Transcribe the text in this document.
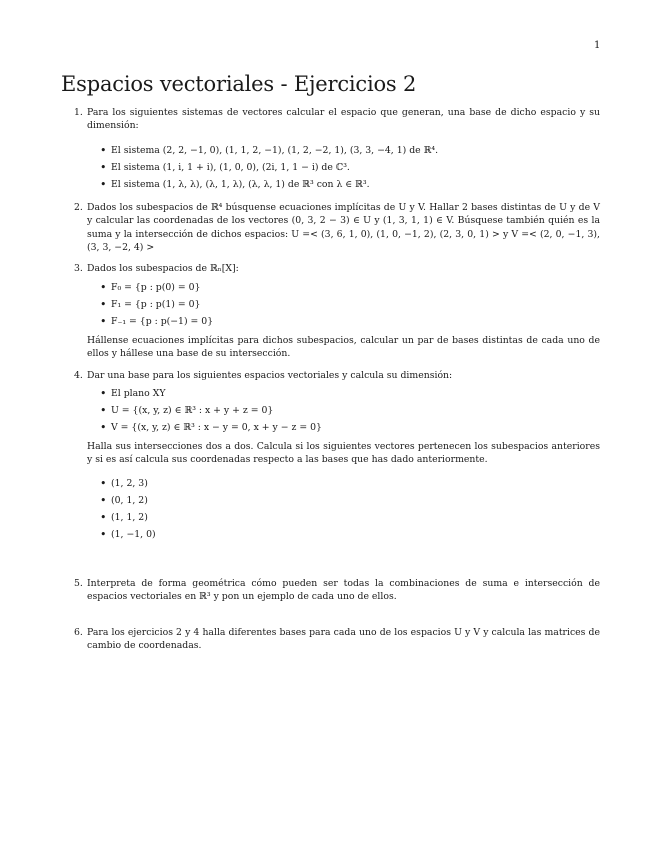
1
Espacios vectoriales - Ejercicios 2
1. Para los siguientes sistemas de vectores calcular el espacio que generan, una base de dicho espacio y su dimensión:

• El sistema (2, 2, −1, 0), (1, 1, 2, −1), (1, 2, −2, 1), (3, 3, −4, 1) de ℝ⁴.
• El sistema (1, i, 1 + i), (1, 0, 0), (2i, 1, 1 − i) de ℂ³.
• El sistema (1, λ, λ), (λ, 1, λ), (λ, λ, 1) de ℝ³ con λ ∈ ℝ³.
2. Dados los subespacios de ℝ⁴ búsquense ecuaciones implícitas de U y V. Hallar 2 bases distintas de U y de V y calcular las coordenadas de los vectores (0, 3, 2 − 3) ∈ U y (1, 3, 1, 1) ∈ V. Búsquese también quién es la suma y la intersección de dichos espacios: U =< (3, 6, 1, 0), (1, 0, −1, 2), (2, 3, 0, 1) > y V =< (2, 0, −1, 3), (3, 3, −2, 4) >

3. Dados los subespacios de ℝₙ[X]:

• F₀ = {p : p(0) = 0}
• F₁ = {p : p(1) = 0}
• F₋₁ = {p : p(−1) = 0}

Hállense ecuaciones implícitas para dichos subespacios, calcular un par de bases distintas de cada uno de ellos y hállese una base de su intersección.

4. Dar una base para los siguientes espacios vectoriales y calcula su dimensión:

• El plano XY
• U = {(x, y, z) ∈ ℝ³ : x + y + z = 0}
• V = {(x, y, z) ∈ ℝ³ : x − y = 0, x + y − z = 0}

Halla sus intersecciones dos a dos. Calcula si los siguientes vectores pertenecen los subespacios anteriores y si es así calcula sus coordenadas respecto a las bases que has dado anteriormente.

• (1, 2, 3)
• (0, 1, 2)
• (1, 1, 2)
• (1, −1, 0)
5. Interpreta de forma geométrica cómo pueden ser todas la combinaciones de suma e intersección de espacios vectoriales en ℝ³ y pon un ejemplo de cada uno de ellos.

6. Para los ejercicios 2 y 4 halla diferentes bases para cada uno de los espacios U y V y calcula las matrices de cambio de coordenadas.
